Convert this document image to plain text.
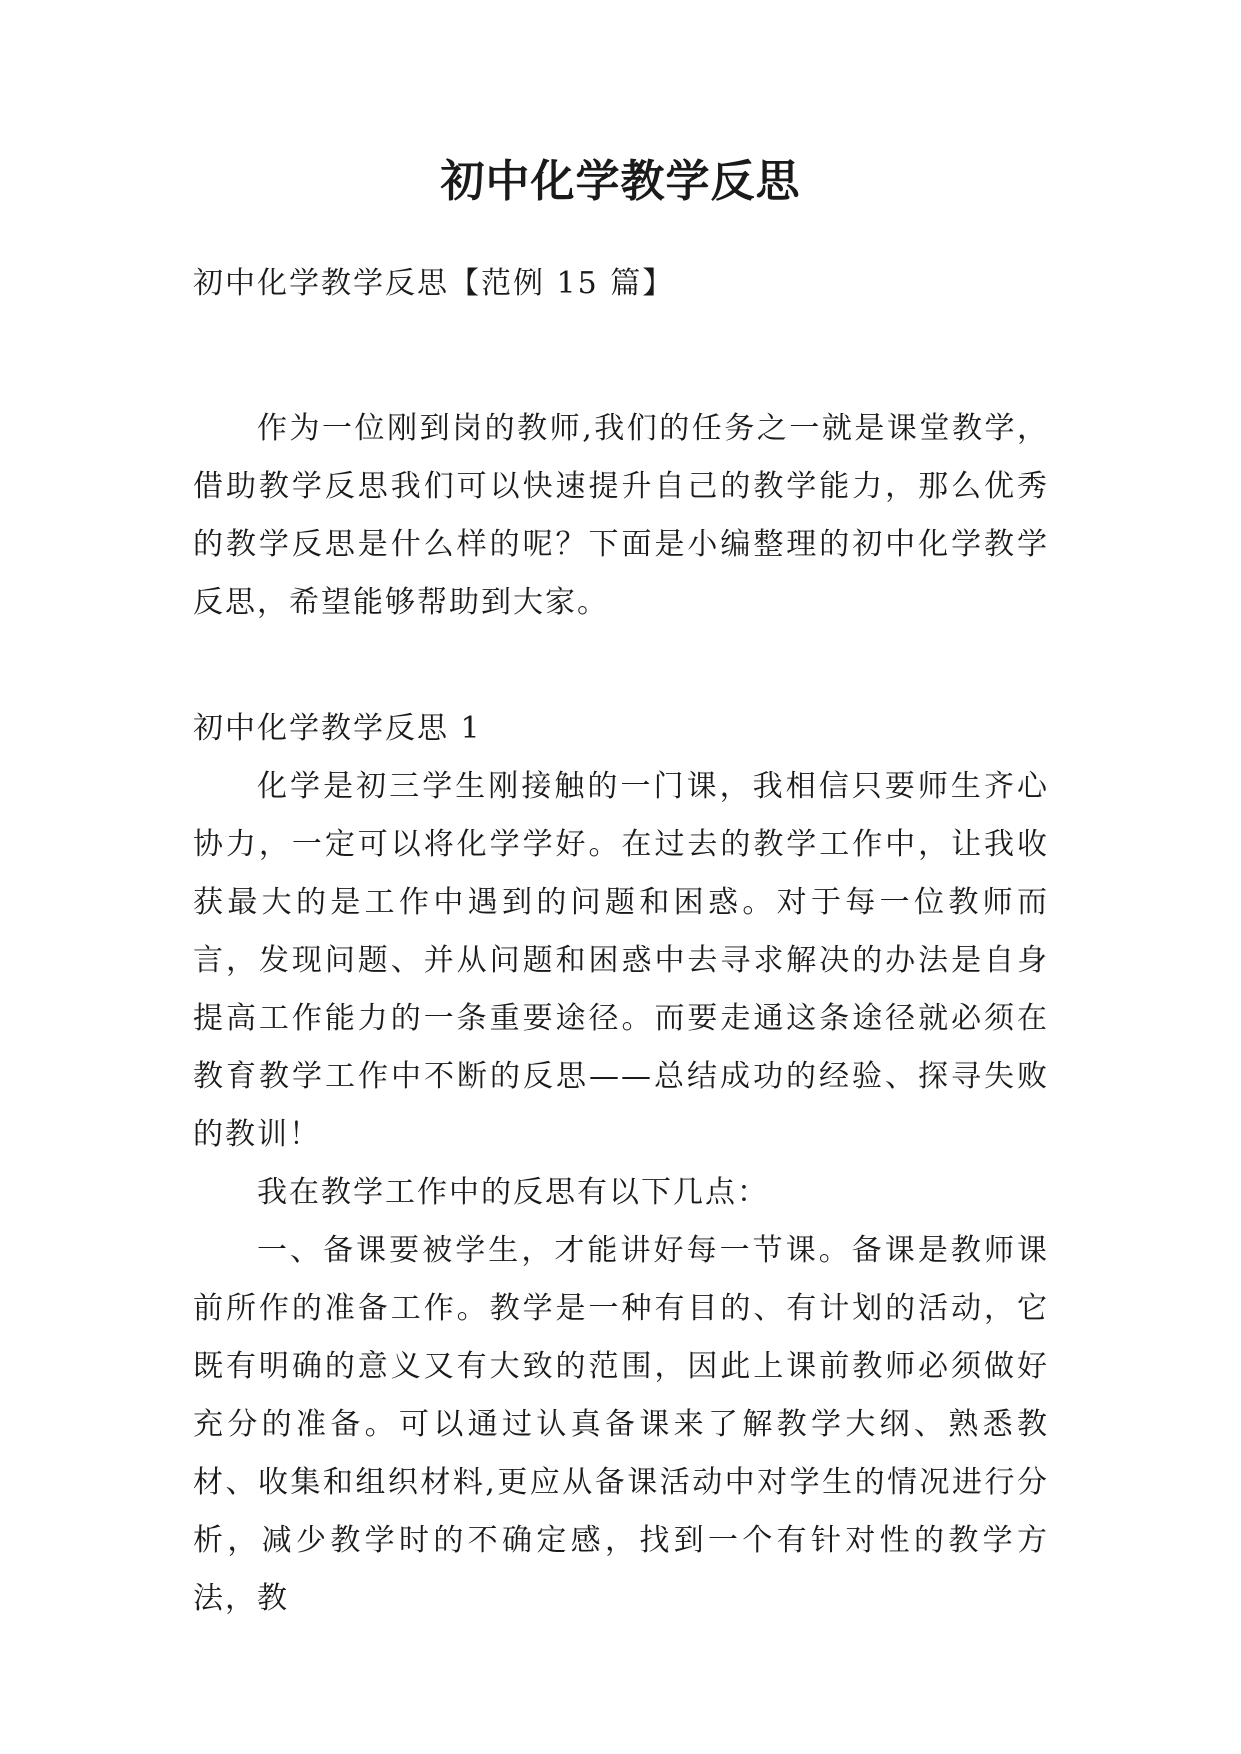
初中化学教学反思

初中化学教学反思【范例 15 篇】

作为一位刚到岗的教师,我们的任务之一就是课堂教学，借助教学反思我们可以快速提升自己的教学能力，那么优秀的教学反思是什么样的呢？下面是小编整理的初中化学教学反思，希望能够帮助到大家。

初中化学教学反思 1

化学是初三学生刚接触的一门课，我相信只要师生齐心协力，一定可以将化学学好。在过去的教学工作中，让我收获最大的是工作中遇到的问题和困惑。对于每一位教师而言，发现问题、并从问题和困惑中去寻求解决的办法是自身提高工作能力的一条重要途径。而要走通这条途径就必须在教育教学工作中不断的反思——总结成功的经验、探寻失败的教训！

我在教学工作中的反思有以下几点：

一、备课要被学生，才能讲好每一节课。备课是教师课前所作的准备工作。教学是一种有目的、有计划的活动，它既有明确的意义又有大致的范围，因此上课前教师必须做好充分的准备。可以通过认真备课来了解教学大纲、熟悉教材、收集和组织材料,更应从备课活动中对学生的情况进行分析，减少教学时的不确定感，找到一个有针对性的教学方法，教
